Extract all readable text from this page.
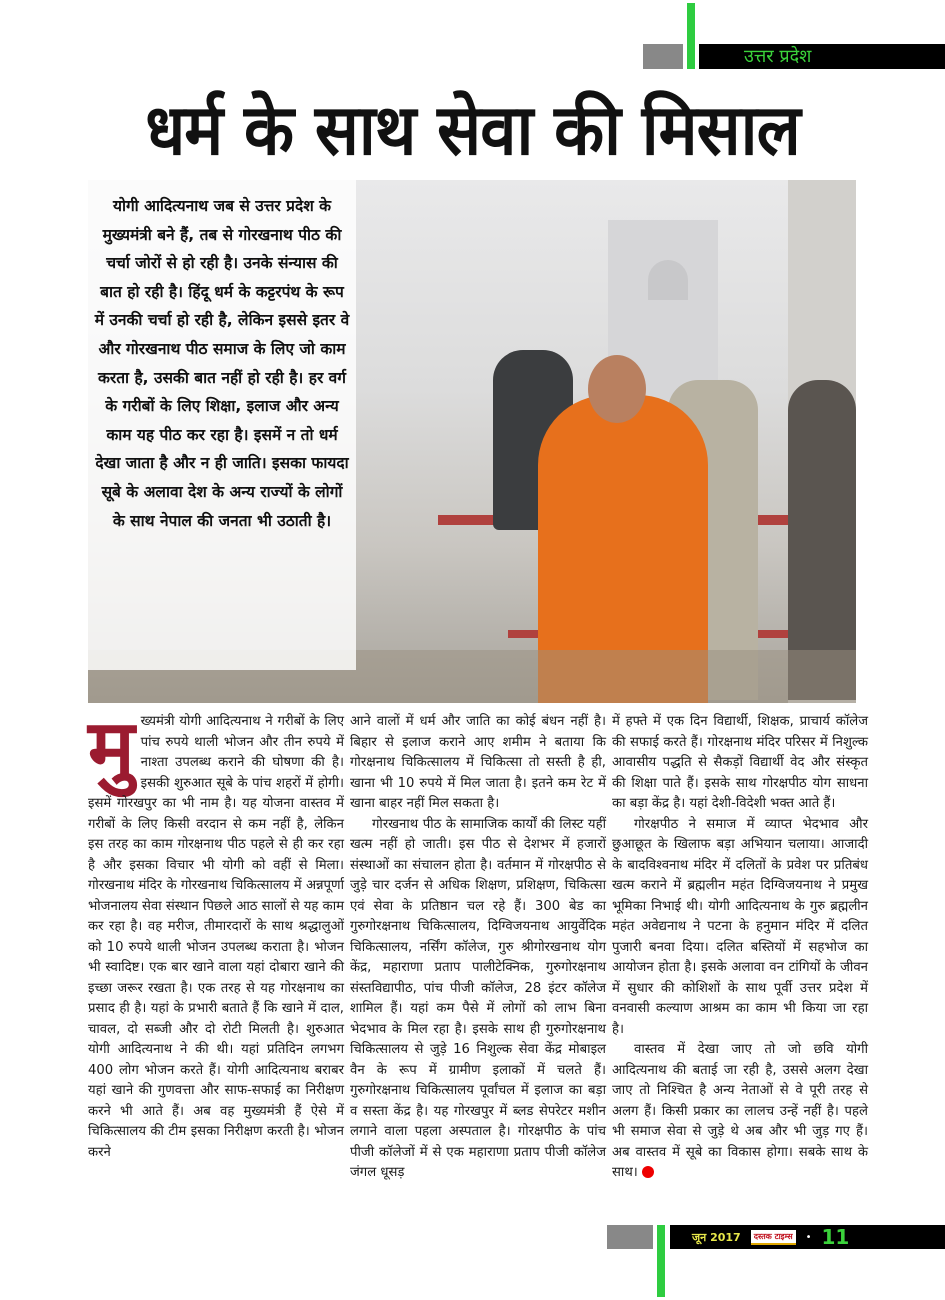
उत्तर प्रदेश
धर्म के साथ सेवा की मिसाल
योगी आदित्यनाथ जब से उत्तर प्रदेश के मुख्यमंत्री बने हैं, तब से गोरखनाथ पीठ की चर्चा जोरों से हो रही है। उनके संन्यास की बात हो रही है। हिंदू धर्म के कट्टरपंथ के रूप में उनकी चर्चा हो रही है, लेकिन इससे इतर वे और गोरखनाथ पीठ समाज के लिए जो काम करता है, उसकी बात नहीं हो रही है। हर वर्ग के गरीबों के लिए शिक्षा, इलाज और अन्य काम यह पीठ कर रहा है। इसमें न तो धर्म देखा जाता है और न ही जाति। इसका फायदा सूबे के अलावा देश के अन्य राज्यों के लोगों के साथ नेपाल की जनता भी उठाती है।
मु ख्यमंत्री योगी आदित्यनाथ ने गरीबों के लिए पांच रुपये थाली भोजन और तीन रुपये में नाश्ता उपलब्ध कराने की घोषणा की है। इसकी शुरुआत सूबे के पांच शहरों में होगी। इसमें गोरखपुर का भी नाम है। यह योजना वास्तव में गरीबों के लिए किसी वरदान से कम नहीं है, लेकिन इस तरह का काम गोरक्षनाथ पीठ पहले से ही कर रहा है और इसका विचार भी योगी को वहीं से मिला। गोरखनाथ मंदिर के गोरखनाथ चिकित्सालय में अन्नपूर्णा भोजनालय सेवा संस्थान पिछले आठ सालों से यह काम कर रहा है। वह मरीज, तीमारदारों के साथ श्रद्धालुओं को 10 रुपये थाली भोजन उपलब्ध कराता है। भोजन भी स्वादिष्ट। एक बार खाने वाला यहां दोबारा खाने की इच्छा जरूर रखता है। एक तरह से यह गोरक्षनाथ का प्रसाद ही है। यहां के प्रभारी बताते हैं कि खाने में दाल, चावल, दो सब्जी और दो रोटी मिलती है। शुरुआत योगी आदित्यनाथ ने की थी। यहां प्रतिदिन लगभग 400 लोग भोजन करते हैं। योगी आदित्यनाथ बराबर यहां खाने की गुणवत्ता और साफ-सफाई का निरीक्षण करने भी आते हैं। अब वह मुख्यमंत्री हैं ऐसे में चिकित्सालय की टीम इसका निरीक्षण करती है। भोजन करने

आने वालों में धर्म और जाति का कोई बंधन नहीं है। बिहार से इलाज कराने आए शमीम ने बताया कि गोरक्षनाथ चिकित्सालय में चिकित्सा तो सस्ती है ही, खाना भी 10 रुपये में मिल जाता है। इतने कम रेट में खाना बाहर नहीं मिल सकता है।

गोरखनाथ पीठ के सामाजिक कार्यों की लिस्ट यहीं खत्म नहीं हो जाती। इस पीठ से देशभर में हजारों संस्थाओं का संचालन होता है। वर्तमान में गोरक्षपीठ से जुड़े चार दर्जन से अधिक शिक्षण, प्रशिक्षण, चिकित्सा एवं सेवा के प्रतिष्ठान चल रहे हैं। 300 बेड का गुरुगोरक्षनाथ चिकित्सालय, दिग्विजयनाथ आयुर्वेदिक चिकित्सालय, नर्सिंग कॉलेज, गुरु श्रीगोरखनाथ योग केंद्र, महाराणा प्रताप पालीटेक्निक, गुरुगोरक्षनाथ संस्तविद्यापीठ, पांच पीजी कॉलेज, 28 इंटर कॉलेज शामिल हैं। यहां कम पैसे में लोगों को लाभ बिना भेदभाव के मिल रहा है। इसके साथ ही गुरुगोरक्षनाथ चिकित्सालय से जुड़े 16 निशुल्क सेवा केंद्र मोबाइल वैन के रूप में ग्रामीण इलाकों में चलते हैं। गुरुगोरक्षनाथ चिकित्सालय पूर्वांचल में इलाज का बड़ा व सस्ता केंद्र है। यह गोरखपुर में ब्लड सेपरेटर मशीन लगाने वाला पहला अस्पताल है। गोरक्षपीठ के पांच पीजी कॉलेजों में से एक महाराणा प्रताप पीजी कॉलेज जंगल धूसड़

में हफ्ते में एक दिन विद्यार्थी, शिक्षक, प्राचार्य कॉलेज की सफाई करते हैं। गोरक्षनाथ मंदिर परिसर में निशुल्क आवासीय पद्धति से सैकड़ों विद्यार्थी वेद और संस्कृत की शिक्षा पाते हैं। इसके साथ गोरक्षपीठ योग साधना का बड़ा केंद्र है। यहां देशी-विदेशी भक्त आते हैं।

गोरक्षपीठ ने समाज में व्याप्त भेदभाव और छुआछूत के खिलाफ बड़ा अभियान चलाया। आजादी के बादविश्वनाथ मंदिर में दलितों के प्रवेश पर प्रतिबंध खत्म कराने में ब्रह्मलीन महंत दिग्विजयनाथ ने प्रमुख भूमिका निभाई थी। योगी आदित्यनाथ के गुरु ब्रह्मलीन महंत अवेद्यनाथ ने पटना के हनुमान मंदिर में दलित पुजारी बनवा दिया। दलित बस्तियों में सहभोज का आयोजन होता है। इसके अलावा वन टांगियों के जीवन में सुधार की कोशिशों के साथ पूर्वी उत्तर प्रदेश में वनवासी कल्याण आश्रम का काम भी किया जा रहा है।

वास्तव में देखा जाए तो जो छवि योगी आदित्यनाथ की बताई जा रही है, उससे अलग देखा जाए तो निश्चित है अन्य नेताओं से वे पूरी तरह से अलग हैं। किसी प्रकार का लालच उन्हें नहीं है। पहले भी समाज सेवा से जुड़े थे अब और भी जुड़ गए हैं। अब वास्तव में सूबे का विकास होगा। सबके साथ के साथ।

जून 2017	दस्तक टाइम्स	• 11
